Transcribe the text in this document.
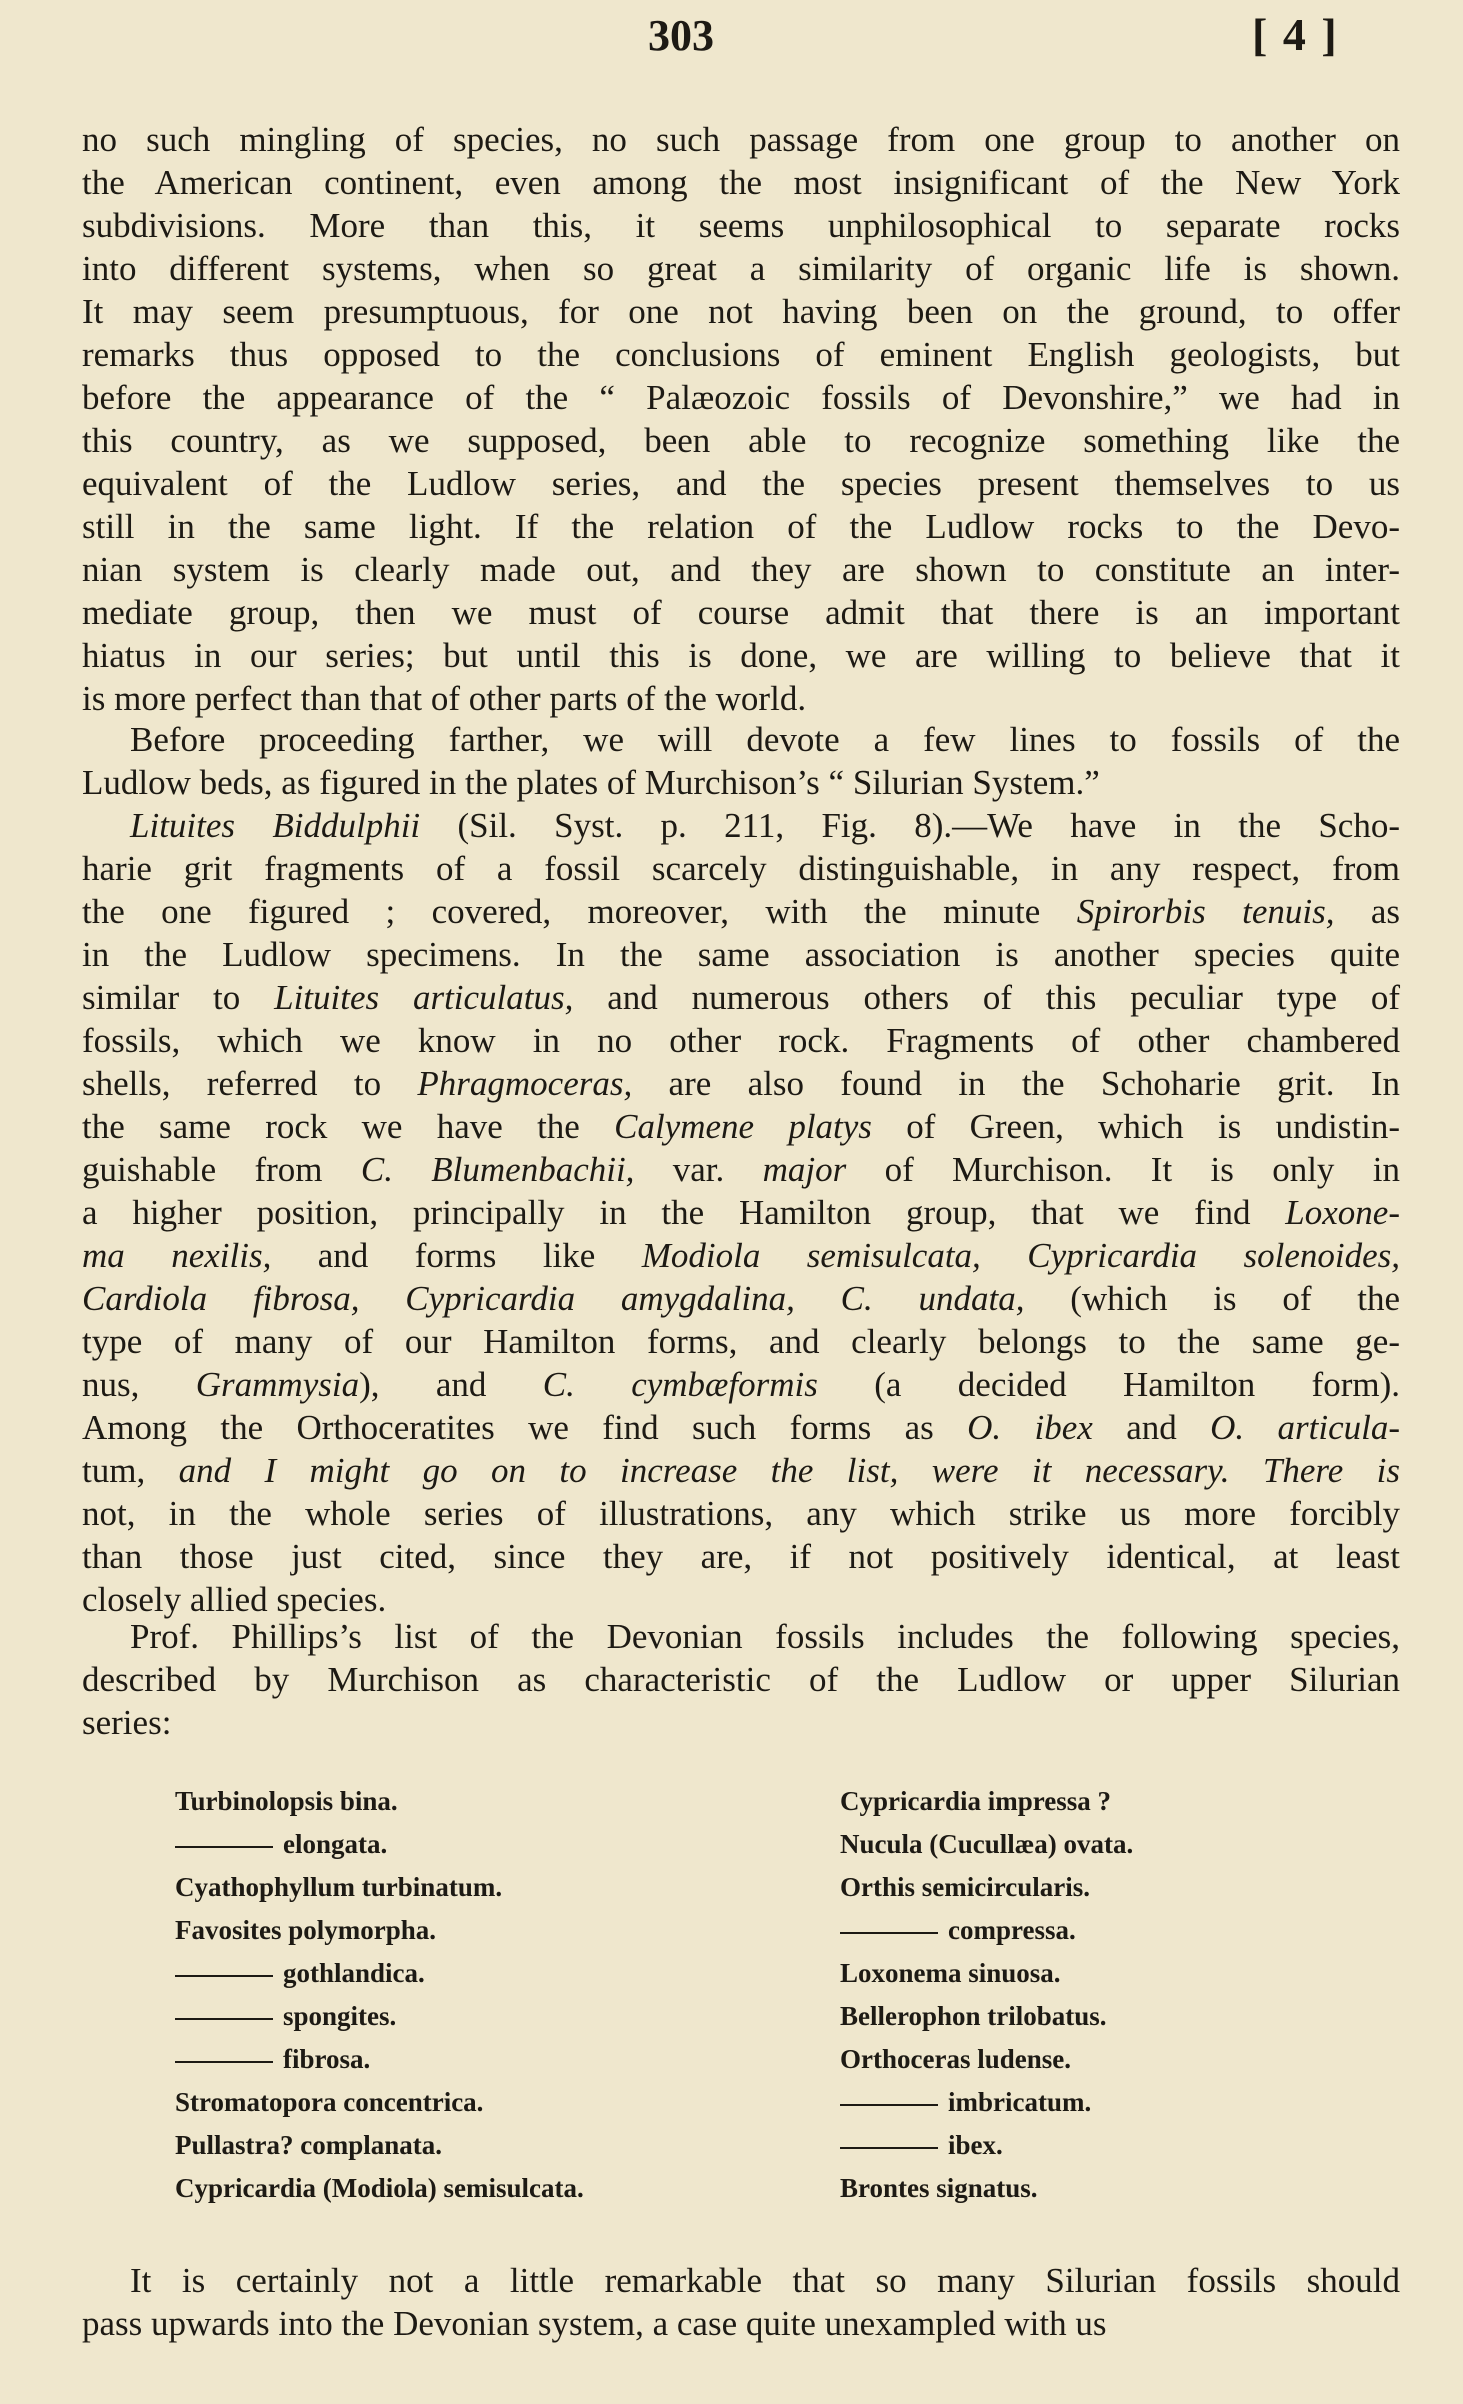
303	[ 4 ]
no such mingling of species, no such passage from one group to another on
the American continent, even among the most insignificant of the New York
subdivisions. More than this, it seems unphilosophical to separate rocks
into different systems, when so great a similarity of organic life is shown.
It may seem presumptuous, for one not having been on the ground, to offer
remarks thus opposed to the conclusions of eminent English geologists, but
before the appearance of the “ Palæozoic fossils of Devonshire,” we had in
this country, as we supposed, been able to recognize something like the
equivalent of the Ludlow series, and the species present themselves to us
still in the same light. If the relation of the Ludlow rocks to the Devo-
nian system is clearly made out, and they are shown to constitute an inter-
mediate group, then we must of course admit that there is an important
hiatus in our series; but until this is done, we are willing to believe that it
is more perfect than that of other parts of the world.
Before proceeding farther, we will devote a few lines to fossils of the
Ludlow beds, as figured in the plates of Murchison’s “ Silurian System.”
Lituites Biddulphii (Sil. Syst. p. 211, Fig. 8).—We have in the Scho-
harie grit fragments of a fossil scarcely distinguishable, in any respect, from
the one figured ; covered, moreover, with the minute Spirorbis tenuis, as
in the Ludlow specimens. In the same association is another species quite
similar to Lituites articulatus, and numerous others of this peculiar type of
fossils, which we know in no other rock. Fragments of other chambered
shells, referred to Phragmoceras, are also found in the Schoharie grit. In
the same rock we have the Calymene platys of Green, which is undistin-
guishable from C. Blumenbachii, var. major of Murchison. It is only in
a higher position, principally in the Hamilton group, that we find Loxone-
ma nexilis, and forms like Modiola semisulcata, Cypricardia solenoides,
Cardiola fibrosa, Cypricardia amygdalina, C. undata, (which is of the
type of many of our Hamilton forms, and clearly belongs to the same ge-
nus, Grammysia), and C. cymbæformis (a decided Hamilton form).
Among the Orthoceratites we find such forms as O. ibex and O. articula-
tum, and I might go on to increase the list, were it necessary. There is
not, in the whole series of illustrations, any which strike us more forcibly
than those just cited, since they are, if not positively identical, at least
closely allied species.
Prof. Phillips’s list of the Devonian fossils includes the following species,
described by Murchison as characteristic of the Ludlow or upper Silurian
series:
Turbinolopsis bina.
elongata.
Cyathophyllum turbinatum.
Favosites polymorpha.
gothlandica.
spongites.
fibrosa.
Stromatopora concentrica.
Pullastra? complanata.
Cypricardia (Modiola) semisulcata.
Cypricardia impressa ?
Nucula (Cucullæa) ovata.
Orthis semicircularis.
compressa.
Loxonema sinuosa.
Bellerophon trilobatus.
Orthoceras ludense.
imbricatum.
ibex.
Brontes signatus.
It is certainly not a little remarkable that so many Silurian fossils should
pass upwards into the Devonian system, a case quite unexampled with us
